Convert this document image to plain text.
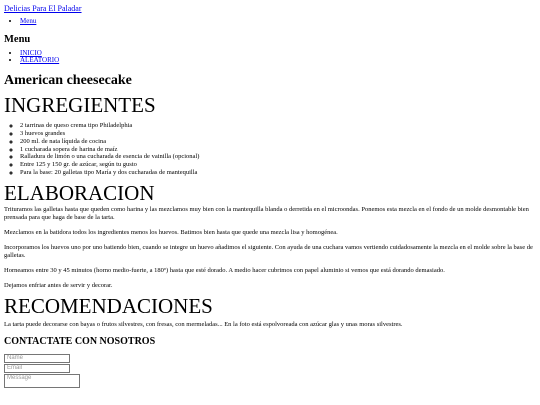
Delicias Para El Paladar
• Menu
Menu
• INICIO
• ALEATORIO
American cheesecake
INGREGIENTES
◦ 2 tarrinas de queso crema tipo Philadelphia
◦ 3 huevos grandes
◦ 200 ml. de nata líquida de cocina
◦ 1 cucharada sopera de harina de maíz
◦ Ralladura de limón o una cucharada de esencia de vainilla (opcional)
◦ Entre 125 y 150 gr. de azúcar, según tu gusto
◦ Para la base: 20 galletas tipo María y dos cucharadas de mantequilla
ELABORACION

Trituramos las galletas hasta que queden como harina y las mezclamos muy bien con la mantequilla blanda o derretida en el microondas. Ponemos esta mezcla en el fondo de un molde desmontable bien prensada para que haga de base de la tarta.

Mezclamos en la batidora todos los ingredientes menos los huevos. Batimos bien hasta que quede una mezcla lisa y homogénea.

Incorporamos los huevos uno por uno batiendo bien, cuando se integre un huevo añadimos el siguiente. Con ayuda de una cuchara vamos vertiendo cuidadosamente la mezcla en el molde sobre la base de galletas.

Horneamos entre 30 y 45 minutos (horno medio-fuerte, a 180º) hasta que esté dorado. A medio hacer cubrimos con papel aluminio si vemos que está dorando demasiado.

Dejamos enfriar antes de servir y decorar.

RECOMENDACIONES

La tarta puede decorarse con bayas o frutos silvestres, con fresas, con mermeladas... En la foto está espolvoreada con azúcar glas y unas moras silvestres.

CONTACTATE CON NOSOTROS
Name
Email
Message
